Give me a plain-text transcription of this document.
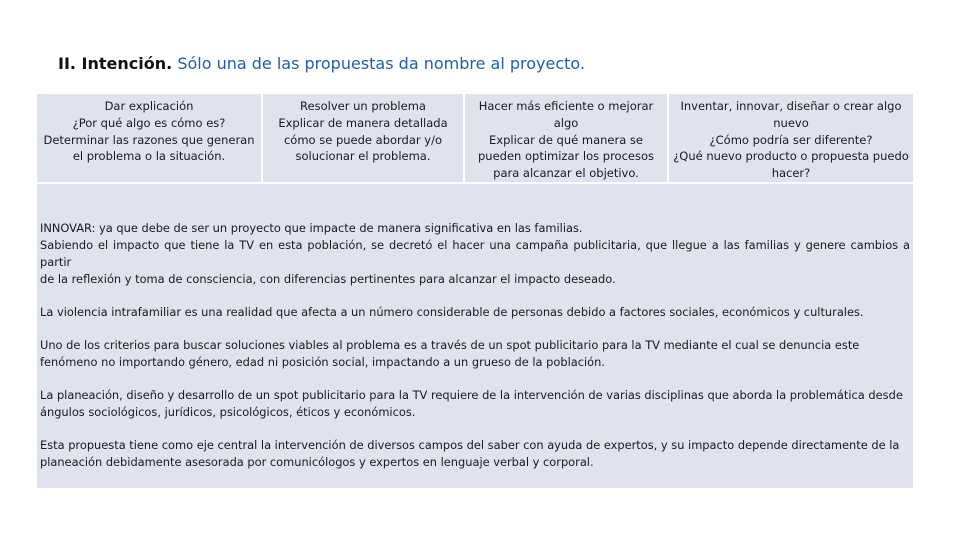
II. Intención. Sólo una de las propuestas da nombre al proyecto.
Dar explicación
¿Por qué algo es cómo es?
Determinar las razones que generan
el problema o la situación.
Resolver un problema
Explicar de manera detallada
cómo se puede abordar y/o
solucionar el problema.
Hacer más eficiente o mejorar
algo
Explicar de qué manera se
pueden optimizar los procesos
para alcanzar el objetivo.
Inventar, innovar, diseñar o crear algo
nuevo
¿Cómo podría ser diferente?
¿Qué nuevo producto o propuesta puedo
hacer?

INNOVAR: ya que debe de ser un proyecto que impacte de manera significativa en las familias.
Sabiendo el impacto que tiene la TV en esta población, se decretó el hacer una campaña publicitaria, que llegue a las familias y genere cambios a partir
de la reflexión y toma de consciencia, con diferencias pertinentes para alcanzar el impacto deseado.

La violencia intrafamiliar es una realidad que afecta a un número considerable de personas debido a factores sociales, económicos y culturales.

Uno de los criterios para buscar soluciones viables al problema es a través de un spot publicitario para la TV mediante el cual se denuncia este
fenómeno no importando género, edad ni posición social, impactando a un grueso de la población.

La planeación, diseño y desarrollo de un spot publicitario para la TV requiere de la intervención de varias disciplinas que aborda la problemática desde
ángulos sociológicos, jurídicos, psicológicos, éticos y económicos.

Esta propuesta tiene como eje central la intervención de diversos campos del saber con ayuda de expertos, y su impacto depende directamente de la
planeación debidamente asesorada por comunicólogos y expertos en lenguaje verbal y corporal.
